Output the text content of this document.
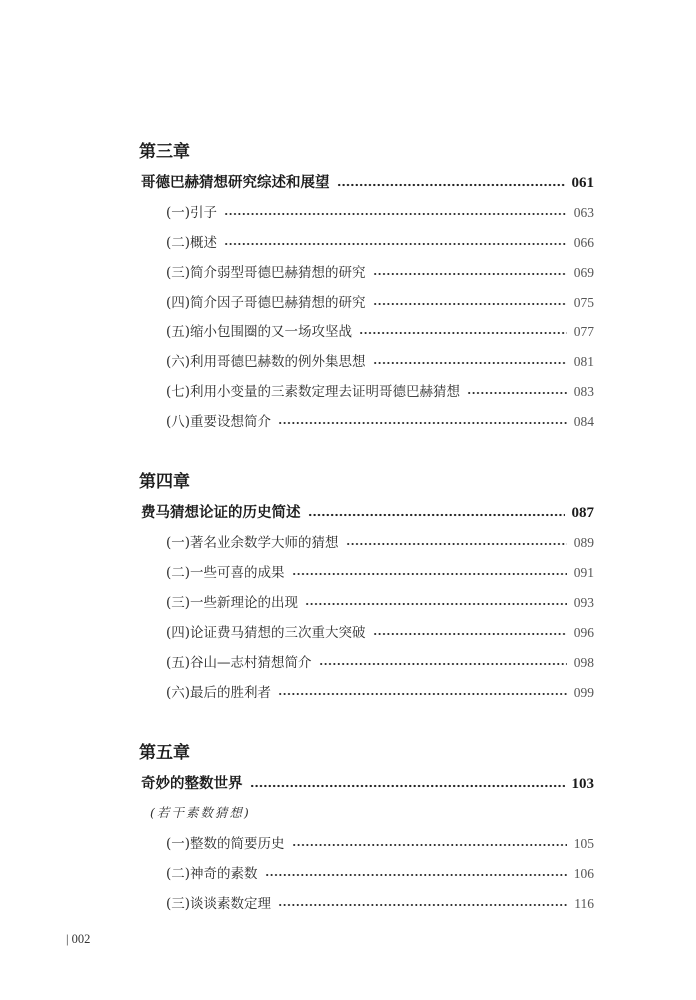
第三章
哥德巴赫猜想研究综述和展望	061
(一)引子	063
(二)概述	066
(三)简介弱型哥德巴赫猜想的研究	069
(四)简介因子哥德巴赫猜想的研究	075
(五)缩小包围圈的又一场攻坚战	077
(六)利用哥德巴赫数的例外集思想	081
(七)利用小变量的三素数定理去证明哥德巴赫猜想	083
(八)重要设想简介	084
第四章
费马猜想论证的历史简述	087
(一)著名业余数学大师的猜想	089
(二)一些可喜的成果	091
(三)一些新理论的出现	093
(四)论证费马猜想的三次重大突破	096
(五)谷山—志村猜想简介	098
(六)最后的胜利者	099
第五章
奇妙的整数世界	103
(若干素数猜想)
(一)整数的简要历史	105
(二)神奇的素数	106
(三)谈谈素数定理	116
| 002
